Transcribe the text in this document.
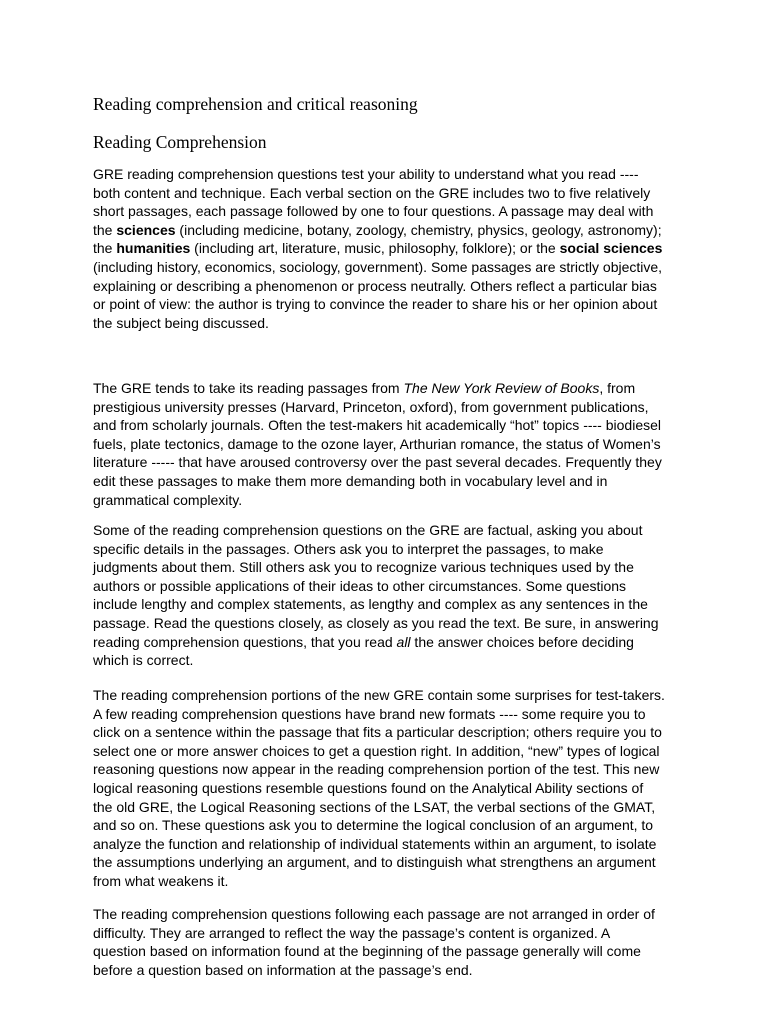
Reading comprehension and critical reasoning
Reading Comprehension
GRE reading comprehension questions test your ability to understand what you read ----
both content and technique. Each verbal section on the GRE includes two to five relatively
short passages, each passage followed by one to four questions. A passage may deal with
the sciences (including medicine, botany, zoology, chemistry, physics, geology, astronomy);
the humanities (including art, literature, music, philosophy, folklore); or the social sciences
(including history, economics, sociology, government). Some passages are strictly objective,
explaining or describing a phenomenon or process neutrally. Others reflect a particular bias
or point of view: the author is trying to convince the reader to share his or her opinion about
the subject being discussed.
The GRE tends to take its reading passages from The New York Review of Books, from
prestigious university presses (Harvard, Princeton, oxford), from government publications,
and from scholarly journals. Often the test-makers hit academically “hot” topics ---- biodiesel
fuels, plate tectonics, damage to the ozone layer, Arthurian romance, the status of Women’s
literature ----- that have aroused controversy over the past several decades. Frequently they
edit these passages to make them more demanding both in vocabulary level and in
grammatical complexity.
Some of the reading comprehension questions on the GRE are factual, asking you about
specific details in the passages. Others ask you to interpret the passages, to make
judgments about them. Still others ask you to recognize various techniques used by the
authors or possible applications of their ideas to other circumstances. Some questions
include lengthy and complex statements, as lengthy and complex as any sentences in the
passage. Read the questions closely, as closely as you read the text. Be sure, in answering
reading comprehension questions, that you read all the answer choices before deciding
which is correct.
The reading comprehension portions of the new GRE contain some surprises for test-takers.
A few reading comprehension questions have brand new formats ---- some require you to
click on a sentence within the passage that fits a particular description; others require you to
select one or more answer choices to get a question right. In addition, “new” types of logical
reasoning questions now appear in the reading comprehension portion of the test. This new
logical reasoning questions resemble questions found on the Analytical Ability sections of
the old GRE, the Logical Reasoning sections of the LSAT, the verbal sections of the GMAT,
and so on. These questions ask you to determine the logical conclusion of an argument, to
analyze the function and relationship of individual statements within an argument, to isolate
the assumptions underlying an argument, and to distinguish what strengthens an argument
from what weakens it.
The reading comprehension questions following each passage are not arranged in order of
difficulty. They are arranged to reflect the way the passage’s content is organized. A
question based on information found at the beginning of the passage generally will come
before a question based on information at the passage’s end.
